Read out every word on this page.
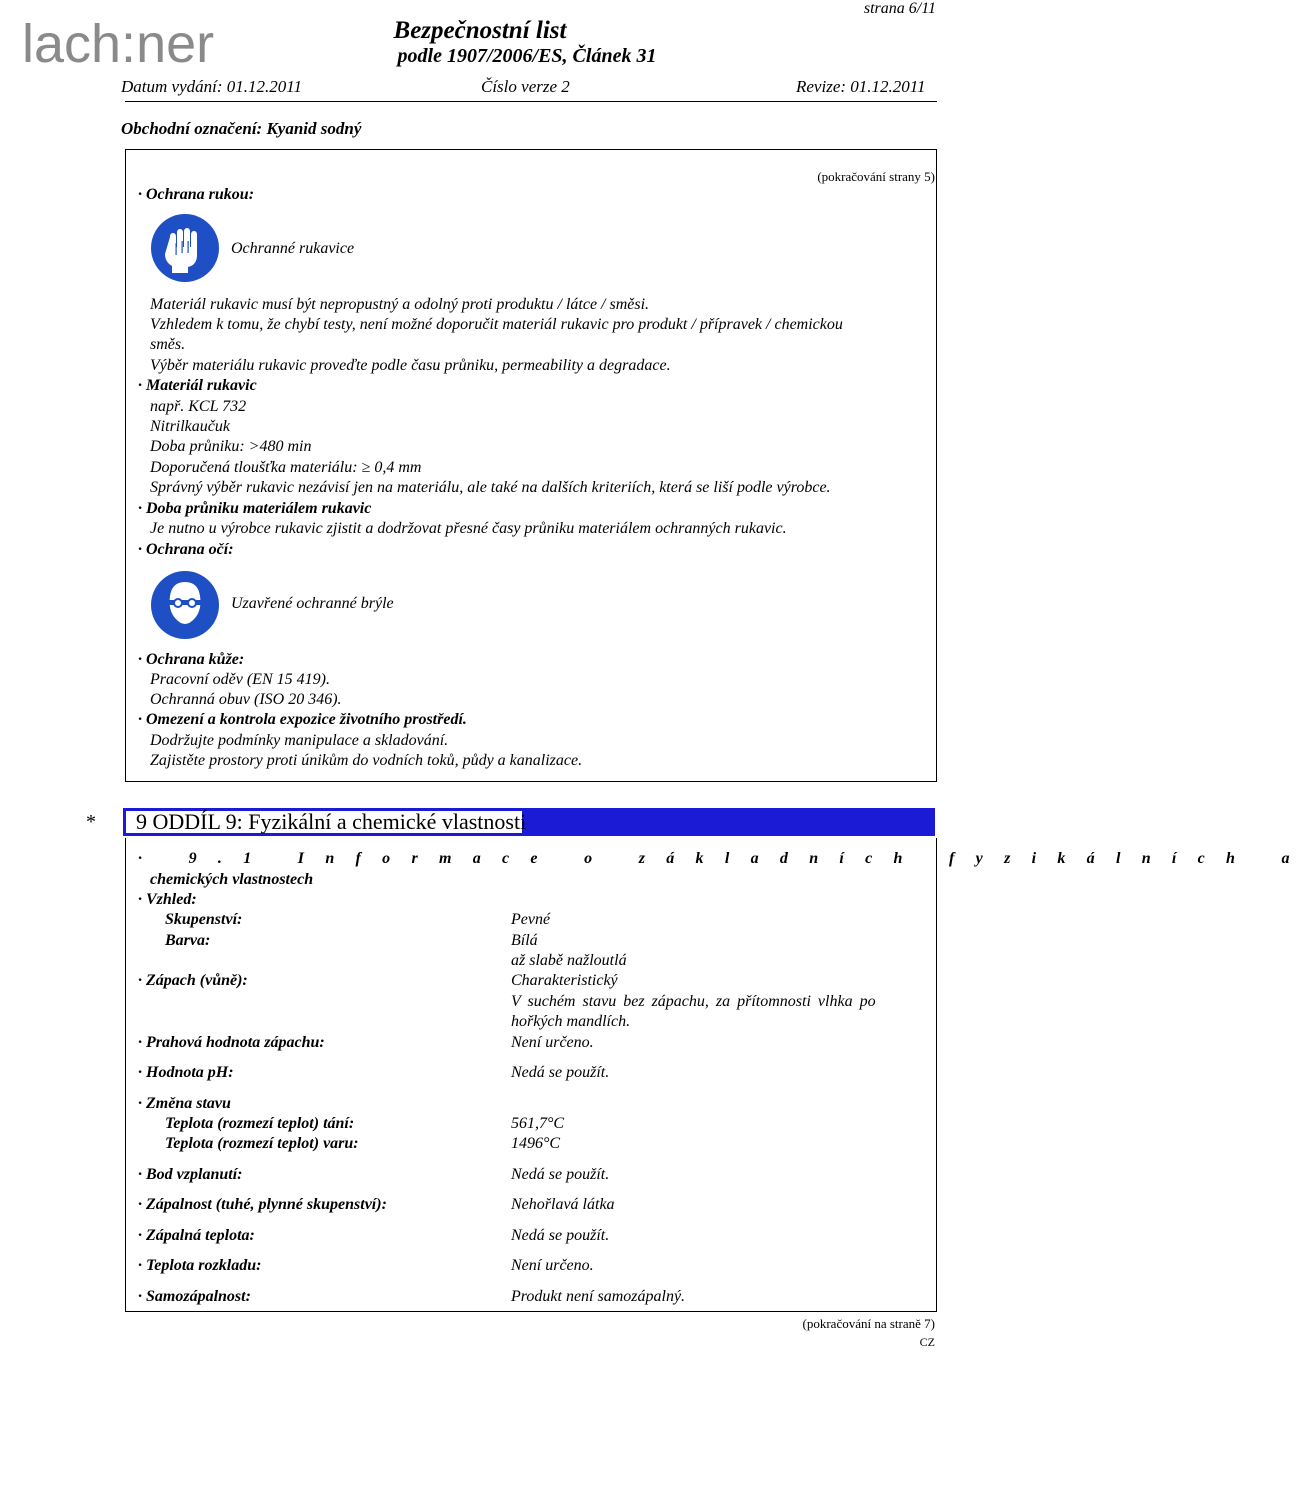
lach:ner	Bezpečnostní list
podle 1907/2006/ES, Článek 31
strana 6/11
Datum vydání: 01.12.2011	Číslo verze 2	Revize: 01.12.2011
Obchodní označení: Kyanid sodný
(pokračování strany 5)
· Ochrana rukou:
Ochranné rukavice
Materiál rukavic musí být nepropustný a odolný proti produktu / látce / směsi.
Vzhledem k tomu, že chybí testy, není možné doporučit materiál rukavic pro produkt / přípravek / chemickou
směs.
Výběr materiálu rukavic proveďte podle času průniku, permeability a degradace.
· Materiál rukavic
např. KCL 732
Nitrilkaučuk
Doba průniku: >480 min
Doporučená tloušťka materiálu: ≥ 0,4 mm
Správný výběr rukavic nezávisí jen na materiálu, ale také na dalších kriteriích, která se liší podle výrobce.
· Doba průniku materiálem rukavic
Je nutno u výrobce rukavic zjistit a dodržovat přesné časy průniku materiálem ochranných rukavic.
· Ochrana očí:
Uzavřené ochranné brýle
· Ochrana kůže:
Pracovní oděv (EN 15 419).
Ochranná obuv (ISO 20 346).
· Omezení a kontrola expozice životního prostředí.
Dodržujte podmínky manipulace a skladování.
Zajistěte prostory proti únikům do vodních toků, půdy a kanalizace.
* 9 ODDÍL 9: Fyzikální a chemické vlastnosti
· 9.1 Informace o základních fyzikálních a
chemických vlastnostech
· Vzhled:
Skupenství:	Pevné
Barva:	Bílá
až slabě nažloutlá
· Zápach (vůně):	Charakteristický
V suchém stavu bez zápachu, za přítomnosti vlhka po
hořkých mandlích.
· Prahová hodnota zápachu:	Není určeno.
· Hodnota pH:	Nedá se použít.
· Změna stavu
Teplota (rozmezí teplot) tání:	561,7°C
Teplota (rozmezí teplot) varu:	1496°C
· Bod vzplanutí:	Nedá se použít.
· Zápalnost (tuhé, plynné skupenství):	Nehořlavá látka
· Zápalná teplota:	Nedá se použít.
· Teplota rozkladu:	Není určeno.
· Samozápalnost:	Produkt není samozápalný.
(pokračování na straně 7)
CZ
